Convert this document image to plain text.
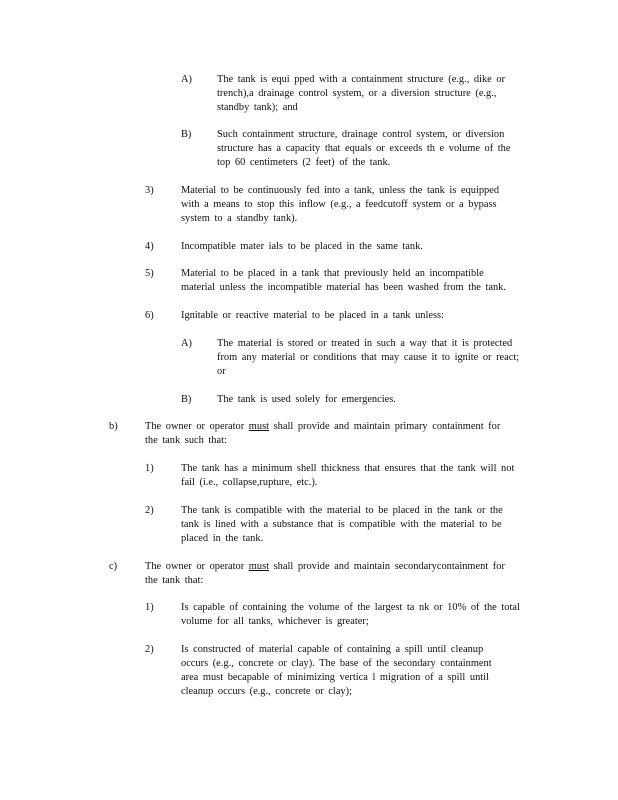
A) The tank is equi pped with a containment structure (e.g., dike or
trench),a drainage control system, or a diversion structure (e.g.,
standby tank); and
B) Such containment structure, drainage control system, or diversion
structure has a capacity that equals or exceeds th e volume of the
top 60 centimeters (2 feet) of the tank.
3)	Material to be continuously fed into a tank, unless the tank is equipped
with a means to stop this inflow (e.g., a feedcutoff system or a bypass
system to a standby tank).
4)	Incompatible mater ials to be placed in the same tank.
5)	Material to be placed in a tank that previously held an incompatible
material unless the incompatible material has been washed from the tank.
6)	Ignitable or reactive material to be placed in a tank unless:
A) The material is stored or treated in such a way that it is protected
from any material or conditions that may cause it to ignite or react;
or
B) The tank is used solely for emergencies.
b)	The owner or operator must shall provide and maintain primary containment for
the tank such that:
1)	The tank has a minimum shell thickness that ensures that the tank will not
fail (i.e., collapse,rupture, etc.).
2)	The tank is compatible with the material to be placed in the tank or the
tank is lined with a substance that is compatible with the material to be
placed in the tank.
c)	The owner or operator must shall provide and maintain secondarycontainment for
the tank that:
1)	Is capable of containing the volume of the largest ta nk or 10% of the total
volume for all tanks, whichever is greater;
2)	Is constructed of material capable of containing a spill until cleanup
occurs (e.g., concrete or clay). The base of the secondary containment
area must becapable of minimizing vertica l migration of a spill until
cleanup occurs (e.g., concrete or clay);
